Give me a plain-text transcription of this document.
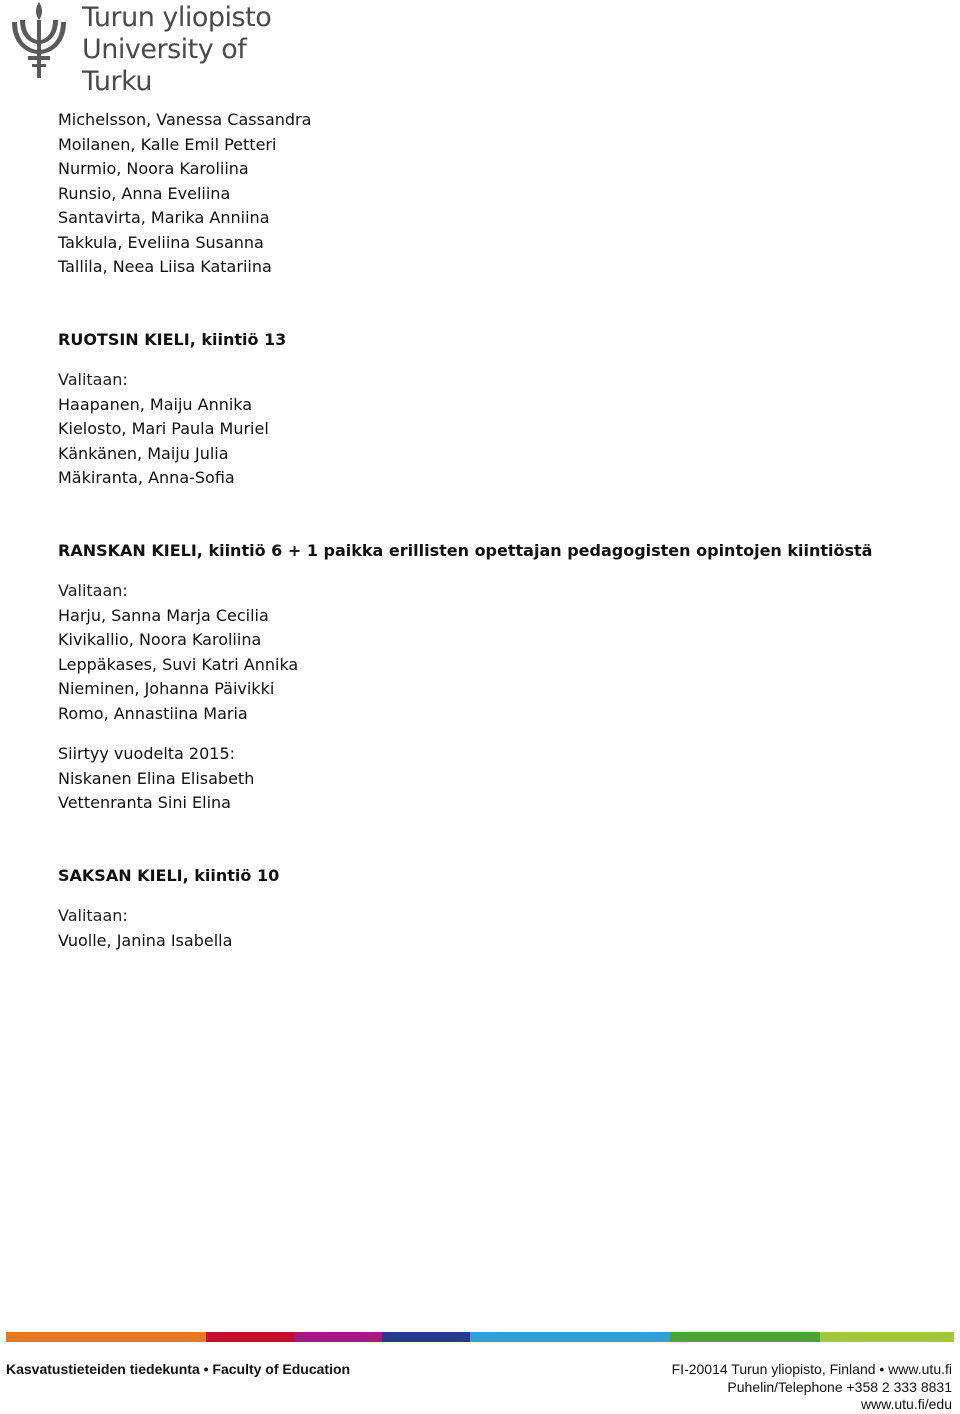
Turun yliopisto
University of Turku
Michelsson, Vanessa Cassandra
Moilanen, Kalle Emil Petteri
Nurmio, Noora Karoliina
Runsio, Anna Eveliina
Santavirta, Marika Anniina
Takkula, Eveliina Susanna
Tallila, Neea Liisa Katariina
RUOTSIN KIELI, kiintiö 13
Valitaan:
Haapanen, Maiju Annika
Kielosto, Mari Paula Muriel
Känkänen, Maiju Julia
Mäkiranta, Anna-Sofia
RANSKAN KIELI, kiintiö 6 + 1 paikka erillisten opettajan pedagogisten opintojen kiintiöstä
Valitaan:
Harju, Sanna Marja Cecilia
Kivikallio, Noora Karoliina
Leppäkases, Suvi Katri Annika
Nieminen, Johanna Päivikki
Romo, Annastiina Maria
Siirtyy vuodelta 2015:
Niskanen Elina Elisabeth
Vettenranta Sini Elina
SAKSAN KIELI, kiintiö 10
Valitaan:
Vuolle, Janina Isabella
Kasvatustieteiden tiedekunta • Faculty of Education	FI-20014 Turun yliopisto, Finland • www.utu.fi
Puhelin/Telephone +358 2 333 8831
www.utu.fi/edu
